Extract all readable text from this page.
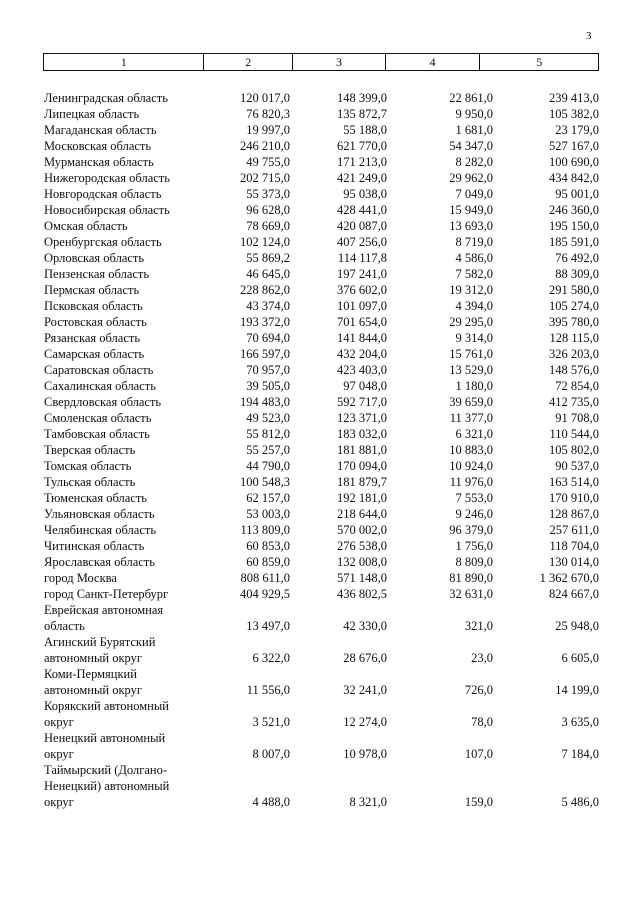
3
1	2	3	4	5
Ленинградская область	120 017,0	148 399,0	22 861,0	239 413,0
Липецкая область	76 820,3	135 872,7	9 950,0	105 382,0
Магаданская область	19 997,0	55 188,0	1 681,0	23 179,0
Московская область	246 210,0	621 770,0	54 347,0	527 167,0
Мурманская область	49 755,0	171 213,0	8 282,0	100 690,0
Нижегородская область	202 715,0	421 249,0	29 962,0	434 842,0
Новгородская область	55 373,0	95 038,0	7 049,0	95 001,0
Новосибирская область	96 628,0	428 441,0	15 949,0	246 360,0
Омская область	78 669,0	420 087,0	13 693,0	195 150,0
Оренбургская область	102 124,0	407 256,0	8 719,0	185 591,0
Орловская область	55 869,2	114 117,8	4 586,0	76 492,0
Пензенская область	46 645,0	197 241,0	7 582,0	88 309,0
Пермская область	228 862,0	376 602,0	19 312,0	291 580,0
Псковская область	43 374,0	101 097,0	4 394,0	105 274,0
Ростовская область	193 372,0	701 654,0	29 295,0	395 780,0
Рязанская область	70 694,0	141 844,0	9 314,0	128 115,0
Самарская область	166 597,0	432 204,0	15 761,0	326 203,0
Саратовская область	70 957,0	423 403,0	13 529,0	148 576,0
Сахалинская область	39 505,0	97 048,0	1 180,0	72 854,0
Свердловская область	194 483,0	592 717,0	39 659,0	412 735,0
Смоленская область	49 523,0	123 371,0	11 377,0	91 708,0
Тамбовская область	55 812,0	183 032,0	6 321,0	110 544,0
Тверская область	55 257,0	181 881,0	10 883,0	105 802,0
Томская область	44 790,0	170 094,0	10 924,0	90 537,0
Тульская область	100 548,3	181 879,7	11 976,0	163 514,0
Тюменская область	62 157,0	192 181,0	7 553,0	170 910,0
Ульяновская область	53 003,0	218 644,0	9 246,0	128 867,0
Челябинская область	113 809,0	570 002,0	96 379,0	257 611,0
Читинская область	60 853,0	276 538,0	1 756,0	118 704,0
Ярославская область	60 859,0	132 008,0	8 809,0	130 014,0
город Москва	808 611,0	571 148,0	81 890,0	1 362 670,0
город Санкт-Петербург	404 929,5	436 802,5	32 631,0	824 667,0
Еврейская автономная
область	13 497,0	42 330,0	321,0	25 948,0
Агинский Бурятский
автономный округ	6 322,0	28 676,0	23,0	6 605,0
Коми-Пермяцкий
автономный округ	11 556,0	32 241,0	726,0	14 199,0
Корякский автономный
округ	3 521,0	12 274,0	78,0	3 635,0
Ненецкий автономный
округ	8 007,0	10 978,0	107,0	7 184,0
Таймырский (Долгано-
Ненецкий) автономный
округ	4 488,0	8 321,0	159,0	5 486,0
